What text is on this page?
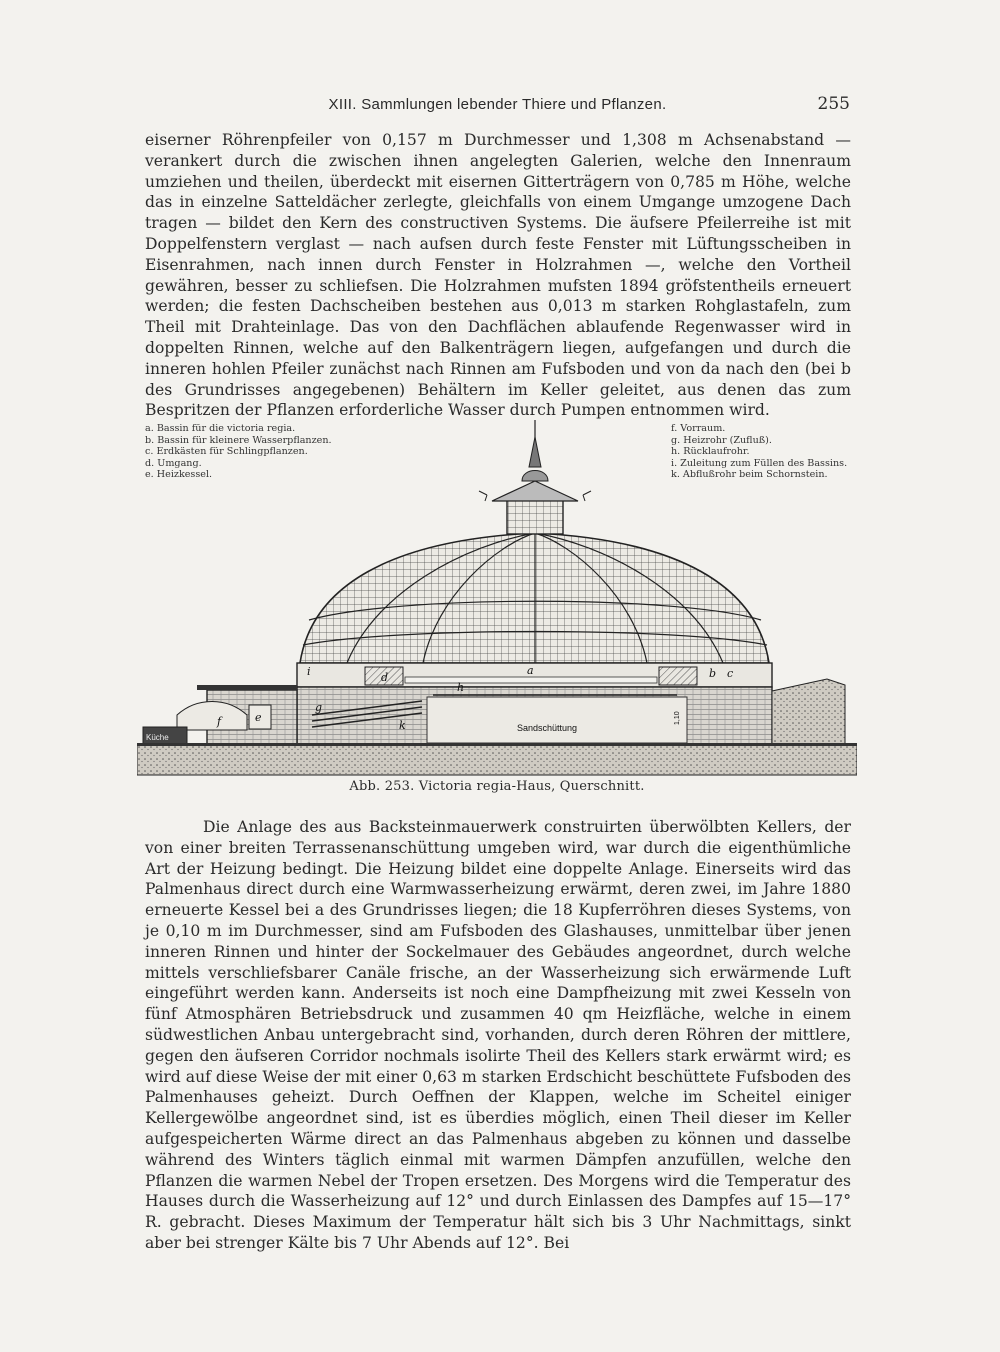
XIII. Sammlungen lebender Thiere und Pflanzen.	255

eiserner Röhrenpfeiler von 0,157 m Durchmesser und 1,308 m Achsenabstand — verankert durch die zwischen ihnen angelegten Galerien, welche den Innenraum umziehen und theilen, überdeckt mit eisernen Gitterträgern von 0,785 m Höhe, welche das in einzelne Satteldächer zerlegte, gleichfalls von einem Umgange umzogene Dach tragen — bildet den Kern des constructiven Systems. Die äufsere Pfeilerreihe ist mit Doppelfenstern verglast — nach aufsen durch feste Fenster mit Lüftungsscheiben in Eisenrahmen, nach innen durch Fenster in Holzrahmen —, welche den Vortheil gewähren, besser zu schliefsen. Die Holzrahmen mufsten 1894 gröfstentheils erneuert werden; die festen Dachscheiben bestehen aus 0,013 m starken Rohglastafeln, zum Theil mit Drahteinlage. Das von den Dachflächen ablaufende Regenwasser wird in doppelten Rinnen, welche auf den Balkenträgern liegen, aufgefangen und durch die inneren hohlen Pfeiler zunächst nach Rinnen am Fufsboden und von da nach den (bei b des Grundrisses angegebenen) Behältern im Keller geleitet, aus denen das zum Bespritzen der Pflanzen erforderliche Wasser durch Pumpen entnommen wird.

a	b c
d
e
f
g
h
i
k	Sandschüttung
Küche
1,10
a. Bassin für die victoria regia.
b. Bassin für kleinere Wasserpflanzen.
c. Erdkästen für Schlingpflanzen.
d. Umgang.
e. Heizkessel.
f. Vorraum.
g. Heizrohr (Zufluß).
h. Rücklaufrohr.
i. Zuleitung zum Füllen des Bassins.
k. Abflußrohr beim Schornstein.
Abb. 253. Victoria regia-Haus, Querschnitt.

Die Anlage des aus Backsteinmauerwerk construirten überwölbten Kellers, der von einer breiten Terrassenanschüttung umgeben wird, war durch die eigenthümliche Art der Heizung bedingt. Die Heizung bildet eine doppelte Anlage. Einerseits wird das Palmenhaus direct durch eine Warmwasserheizung erwärmt, deren zwei, im Jahre 1880 erneuerte Kessel bei a des Grundrisses liegen; die 18 Kupferröhren dieses Systems, von je 0,10 m im Durchmesser, sind am Fufsboden des Glashauses, unmittelbar über jenen inneren Rinnen und hinter der Sockelmauer des Gebäudes angeordnet, durch welche mittels verschliefsbarer Canäle frische, an der Wasserheizung sich erwärmende Luft eingeführt werden kann. Anderseits ist noch eine Dampfheizung mit zwei Kesseln von fünf Atmosphären Betriebsdruck und zusammen 40 qm Heizfläche, welche in einem südwestlichen Anbau untergebracht sind, vorhanden, durch deren Röhren der mittlere, gegen den äufseren Corridor nochmals isolirte Theil des Kellers stark erwärmt wird; es wird auf diese Weise der mit einer 0,63 m starken Erdschicht beschüttete Fufsboden des Palmenhauses geheizt. Durch Oeffnen der Klappen, welche im Scheitel einiger Kellergewölbe angeordnet sind, ist es überdies möglich, einen Theil dieser im Keller aufgespeicherten Wärme direct an das Palmenhaus abgeben zu können und dasselbe während des Winters täglich einmal mit warmen Dämpfen anzufüllen, welche den Pflanzen die warmen Nebel der Tropen ersetzen. Des Morgens wird die Temperatur des Hauses durch die Wasserheizung auf 12° und durch Einlassen des Dampfes auf 15—17° R. gebracht. Dieses Maximum der Temperatur hält sich bis 3 Uhr Nachmittags, sinkt aber bei strenger Kälte bis 7 Uhr Abends auf 12°. Bei
